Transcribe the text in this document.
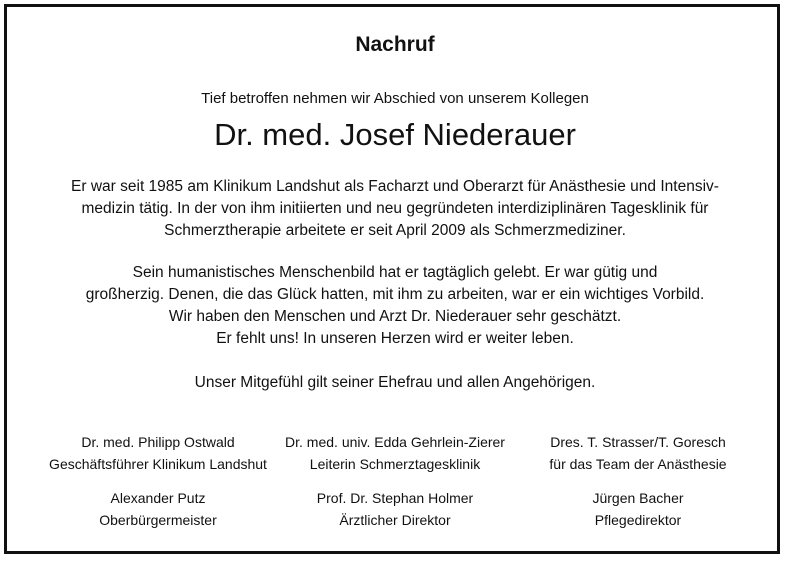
Nachruf
Tief betroffen nehmen wir Abschied von unserem Kollegen
Dr. med. Josef Niederauer
Er war seit 1985 am Klinikum Landshut als Facharzt und Oberarzt für Anästhesie und Intensiv-
medizin tätig. In der von ihm initiierten und neu gegründeten interdiziplinären Tagesklinik für
Schmerztherapie arbeitete er seit April 2009 als Schmerzmediziner.
Sein humanistisches Menschenbild hat er tagtäglich gelebt. Er war gütig und
großherzig. Denen, die das Glück hatten, mit ihm zu arbeiten, war er ein wichtiges Vorbild.
Wir haben den Menschen und Arzt Dr. Niederauer sehr geschätzt.
Er fehlt uns! In unseren Herzen wird er weiter leben.
Unser Mitgefühl gilt seiner Ehefrau und allen Angehörigen.
Dr. med. Philipp Ostwald
Geschäftsführer Klinikum Landshut
Dr. med. univ. Edda Gehrlein-Zierer
Leiterin Schmerztagesklinik
Dres. T. Strasser/T. Goresch
für das Team der Anästhesie
Alexander Putz
Oberbürgermeister
Prof. Dr. Stephan Holmer
Ärztlicher Direktor
Jürgen Bacher
Pflegedirektor
